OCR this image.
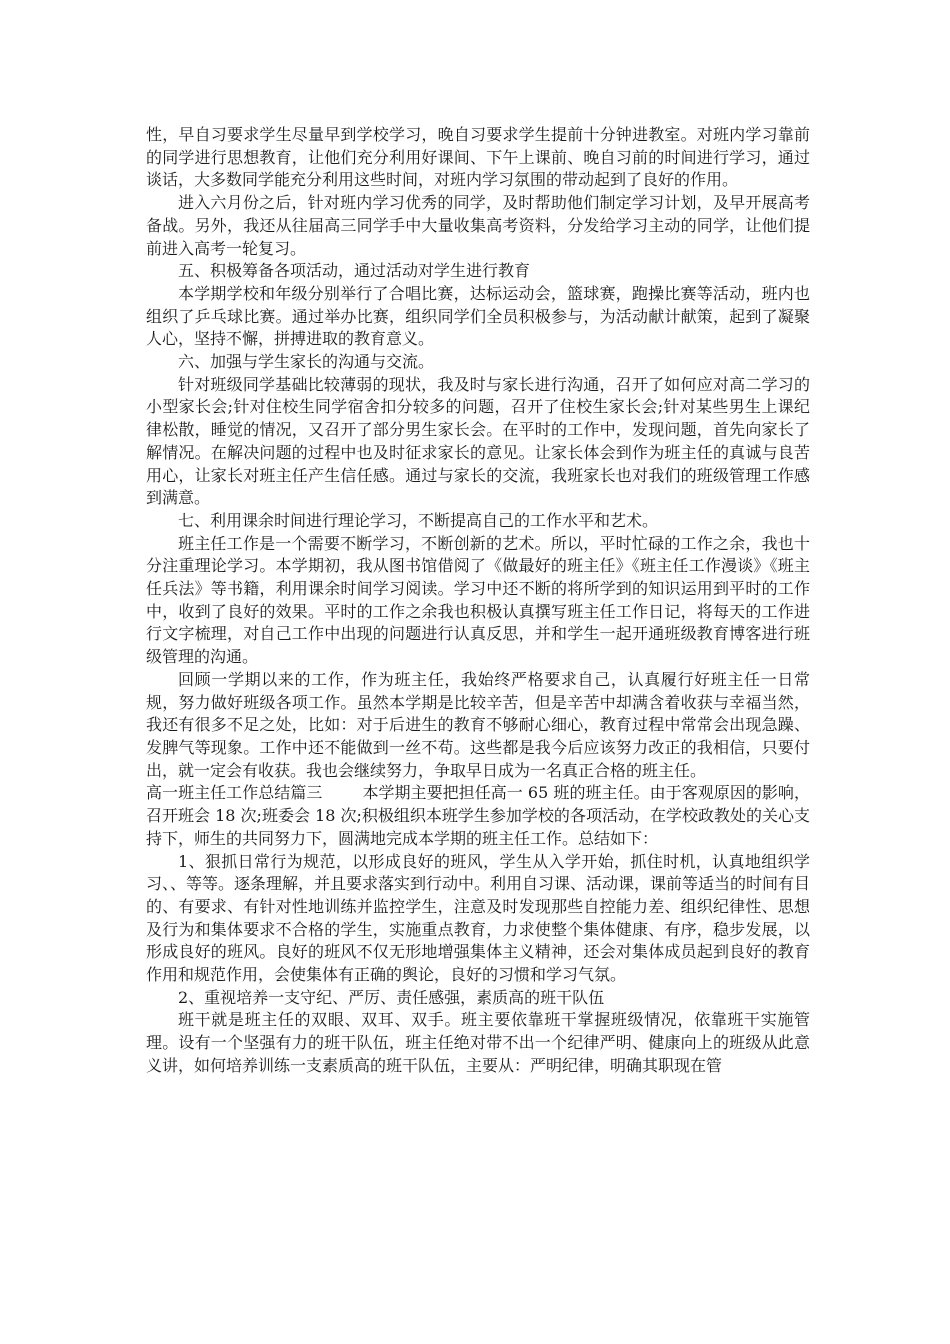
性，早自习要求学生尽量早到学校学习，晚自习要求学生提前十分钟进教室。对班内学习靠前的同学进行思想教育，让他们充分利用好课间、下午上课前、晚自习前的时间进行学习，通过谈话，大多数同学能充分利用这些时间，对班内学习氛围的带动起到了良好的作用。

进入六月份之后，针对班内学习优秀的同学，及时帮助他们制定学习计划，及早开展高考备战。另外，我还从往届高三同学手中大量收集高考资料，分发给学习主动的同学，让他们提前进入高考一轮复习。

五、积极筹备各项活动，通过活动对学生进行教育

本学期学校和年级分别举行了合唱比赛，达标运动会，篮球赛，跑操比赛等活动，班内也组织了乒乓球比赛。通过举办比赛，组织同学们全员积极参与，为活动献计献策，起到了凝聚人心，坚持不懈，拼搏进取的教育意义。

六、加强与学生家长的沟通与交流。

针对班级同学基础比较薄弱的现状，我及时与家长进行沟通，召开了如何应对高二学习的小型家长会;针对住校生同学宿舍扣分较多的问题，召开了住校生家长会;针对某些男生上课纪律松散，睡觉的情况，又召开了部分男生家长会。在平时的工作中，发现问题，首先向家长了解情况。在解决问题的过程中也及时征求家长的意见。让家长体会到作为班主任的真诚与良苦用心，让家长对班主任产生信任感。通过与家长的交流，我班家长也对我们的班级管理工作感到满意。

七、利用课余时间进行理论学习，不断提高自己的工作水平和艺术。

班主任工作是一个需要不断学习，不断创新的艺术。所以，平时忙碌的工作之余，我也十分注重理论学习。本学期初，我从图书馆借阅了《做最好的班主任》《班主任工作漫谈》《班主任兵法》等书籍，利用课余时间学习阅读。学习中还不断的将所学到的知识运用到平时的工作中，收到了良好的效果。平时的工作之余我也积极认真撰写班主任工作日记，将每天的工作进行文字梳理，对自己工作中出现的问题进行认真反思，并和学生一起开通班级教育博客进行班级管理的沟通。

回顾一学期以来的工作，作为班主任，我始终严格要求自己，认真履行好班主任一日常规，努力做好班级各项工作。虽然本学期是比较辛苦，但是辛苦中却满含着收获与幸福当然，我还有很多不足之处，比如：对于后进生的教育不够耐心细心，教育过程中常常会出现急躁、发脾气等现象。工作中还不能做到一丝不苟。这些都是我今后应该努力改正的我相信，只要付出，就一定会有收获。我也会继续努力，争取早日成为一名真正合格的班主任。

高一班主任工作总结篇三	本学期主要把担任高一 65 班的班主任。由于客观原因的影响，召开班会 18 次;班委会 18 次;积极组织本班学生参加学校的各项活动，在学校政教处的关心支持下，师生的共同努力下，圆满地完成本学期的班主任工作。总结如下：

1、狠抓日常行为规范，以形成良好的班风，学生从入学开始，抓住时机，认真地组织学习、、等等。逐条理解，并且要求落实到行动中。利用自习课、活动课，课前等适当的时间有目的、有要求、有针对性地训练并监控学生，注意及时发现那些自控能力差、组织纪律性、思想及行为和集体要求不合格的学生，实施重点教育，力求使整个集体健康、有序，稳步发展，以形成良好的班风。良好的班风不仅无形地增强集体主义精神，还会对集体成员起到良好的教育作用和规范作用，会使集体有正确的舆论，良好的习惯和学习气氛。

2、重视培养一支守纪、严厉、责任感强，素质高的班干队伍

班干就是班主任的双眼、双耳、双手。班主要依靠班干掌握班级情况，依靠班干实施管理。设有一个坚强有力的班干队伍，班主任绝对带不出一个纪律严明、健康向上的班级从此意义讲，如何培养训练一支素质高的班干队伍，主要从：严明纪律，明确其职现在管
